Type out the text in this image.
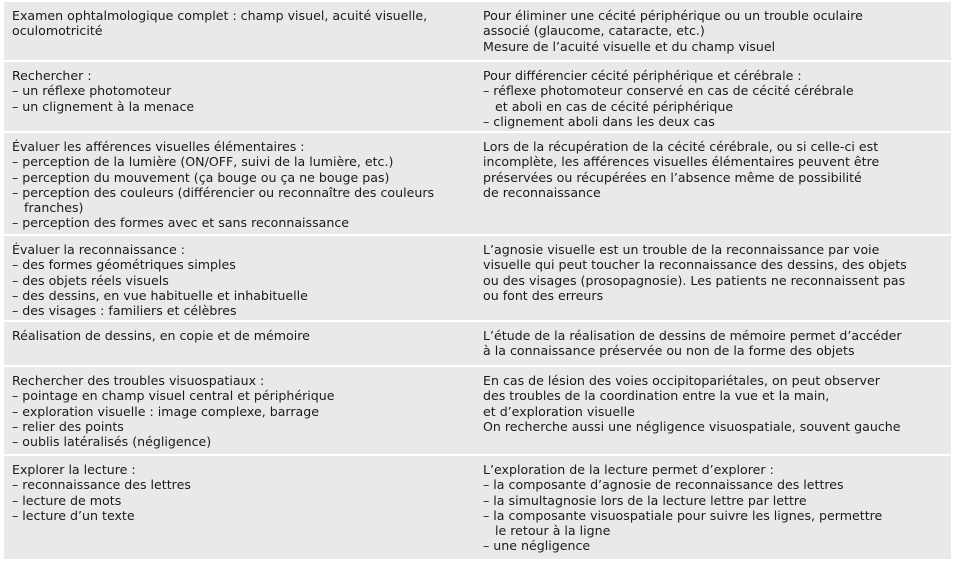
Examen ophtalmologique complet : champ visuel, acuité visuelle,
oculomotricité
Pour éliminer une cécité périphérique ou un trouble oculaire
associé (glaucome, cataracte, etc.)
Mesure de l’acuité visuelle et du champ visuel
Rechercher :
– un réflexe photomoteur
– un clignement à la menace
Pour différencier cécité périphérique et cérébrale :
– réflexe photomoteur conservé en cas de cécité cérébrale
et aboli en cas de cécité périphérique
– clignement aboli dans les deux cas
Évaluer les afférences visuelles élémentaires :
– perception de la lumière (ON/OFF, suivi de la lumière, etc.)
– perception du mouvement (ça bouge ou ça ne bouge pas)
– perception des couleurs (différencier ou reconnaître des couleurs
franches)
– perception des formes avec et sans reconnaissance
Lors de la récupération de la cécité cérébrale, ou si celle-ci est
incomplète, les afférences visuelles élémentaires peuvent être
préservées ou récupérées en l’absence même de possibilité
de reconnaissance
Évaluer la reconnaissance :
– des formes géométriques simples
– des objets réels visuels
– des dessins, en vue habituelle et inhabituelle
– des visages : familiers et célèbres
L’agnosie visuelle est un trouble de la reconnaissance par voie
visuelle qui peut toucher la reconnaissance des dessins, des objets
ou des visages (prosopagnosie). Les patients ne reconnaissent pas
ou font des erreurs
Réalisation de dessins, en copie et de mémoire	L’étude de la réalisation de dessins de mémoire permet d’accéder
à la connaissance préservée ou non de la forme des objets
Rechercher des troubles visuospatiaux :
– pointage en champ visuel central et périphérique
– exploration visuelle : image complexe, barrage
– relier des points
– oublis latéralisés (négligence)
En cas de lésion des voies occipitopariétales, on peut observer
des troubles de la coordination entre la vue et la main,
et d’exploration visuelle
On recherche aussi une négligence visuospatiale, souvent gauche
Explorer la lecture :
– reconnaissance des lettres
– lecture de mots
– lecture d’un texte
L’exploration de la lecture permet d’explorer :
– la composante d’agnosie de reconnaissance des lettres
– la simultagnosie lors de la lecture lettre par lettre
– la composante visuospatiale pour suivre les lignes, permettre
le retour à la ligne
– une négligence
